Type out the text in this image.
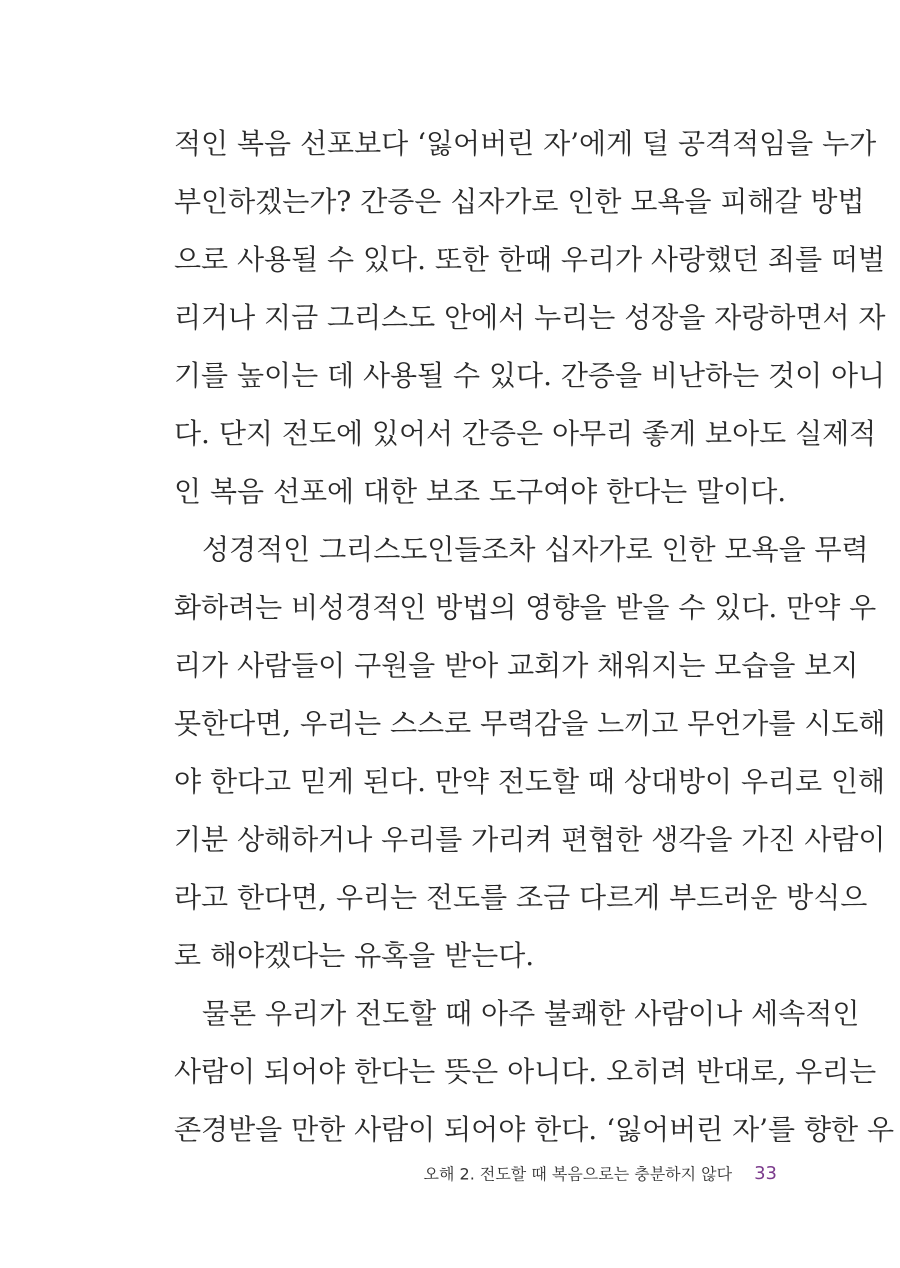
적인 복음 선포보다 ‘잃어버린 자’에게 덜 공격적임을 누가
부인하겠는가? 간증은 십자가로 인한 모욕을 피해갈 방법
으로 사용될 수 있다. 또한 한때 우리가 사랑했던 죄를 떠벌
리거나 지금 그리스도 안에서 누리는 성장을 자랑하면서 자
기를 높이는 데 사용될 수 있다. 간증을 비난하는 것이 아니
다. 단지 전도에 있어서 간증은 아무리 좋게 보아도 실제적
인 복음 선포에 대한 보조 도구여야 한다는 말이다.
성경적인 그리스도인들조차 십자가로 인한 모욕을 무력
화하려는 비성경적인 방법의 영향을 받을 수 있다. 만약 우
리가 사람들이 구원을 받아 교회가 채워지는 모습을 보지
못한다면, 우리는 스스로 무력감을 느끼고 무언가를 시도해
야 한다고 믿게 된다. 만약 전도할 때 상대방이 우리로 인해
기분 상해하거나 우리를 가리켜 편협한 생각을 가진 사람이
라고 한다면, 우리는 전도를 조금 다르게 부드러운 방식으
로 해야겠다는 유혹을 받는다.
물론 우리가 전도할 때 아주 불쾌한 사람이나 세속적인
사람이 되어야 한다는 뜻은 아니다. 오히려 반대로, 우리는
존경받을 만한 사람이 되어야 한다. ‘잃어버린 자’를 향한 우
오해 2. 전도할 때 복음으로는 충분하지 않다 33
